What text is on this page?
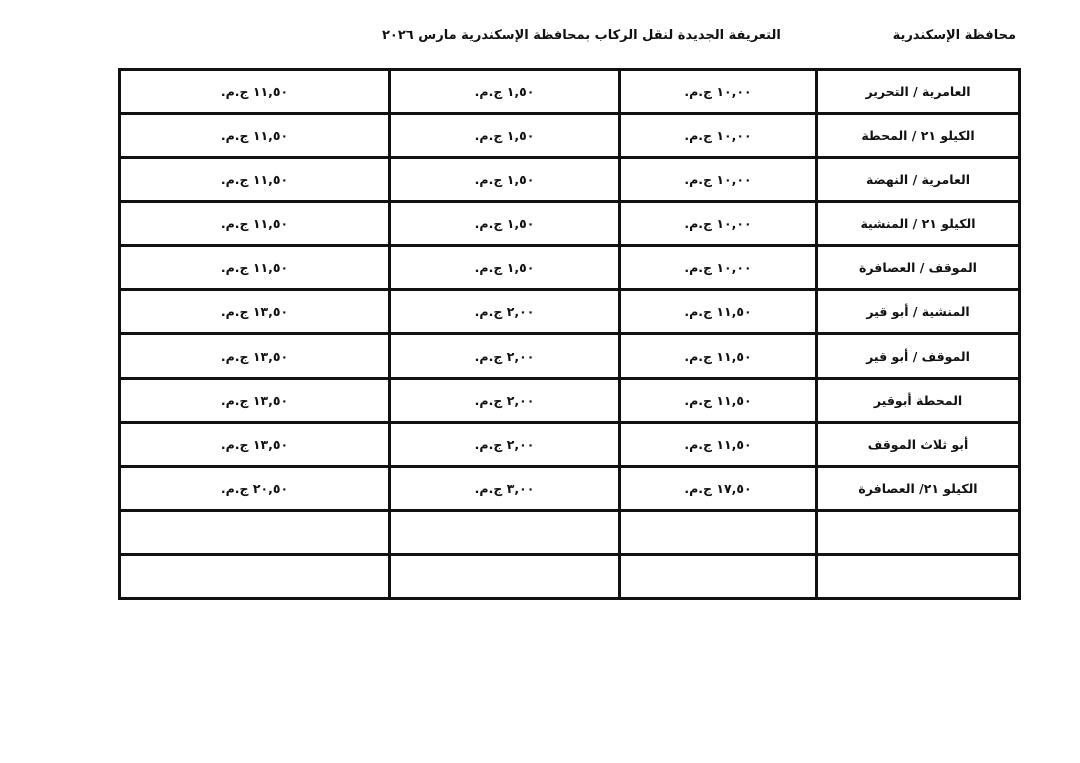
محافظة الإسكندرية
التعريفة الجديدة لنقل الركاب بمحافظة الإسكندرية مارس ٢٠٢٦
١١,٥٠ ج.م.	١,٥٠ ج.م.	١٠,٠٠ ج.م.	العامرية / التحرير
١١,٥٠ ج.م.	١,٥٠ ج.م.	١٠,٠٠ ج.م.	الكيلو ٢١ / المحطة
١١,٥٠ ج.م.	١,٥٠ ج.م.	١٠,٠٠ ج.م.	العامرية / النهضة
١١,٥٠ ج.م.	١,٥٠ ج.م.	١٠,٠٠ ج.م.	الكيلو ٢١ / المنشية
١١,٥٠ ج.م.	١,٥٠ ج.م.	١٠,٠٠ ج.م.	الموقف / العصافرة
١٣,٥٠ ج.م.	٢,٠٠ ج.م.	١١,٥٠ ج.م.	المنشية / أبو قير
١٣,٥٠ ج.م.	٢,٠٠ ج.م.	١١,٥٠ ج.م.	الموقف / أبو قير
١٣,٥٠ ج.م.	٢,٠٠ ج.م.	١١,٥٠ ج.م.	المحطة أبوقير
١٣,٥٠ ج.م.	٢,٠٠ ج.م.	١١,٥٠ ج.م.	أبو ثلاث الموقف
٢٠,٥٠ ج.م.	٣,٠٠ ج.م.	١٧,٥٠ ج.م.	الكيلو ٢١/ العصافرة
